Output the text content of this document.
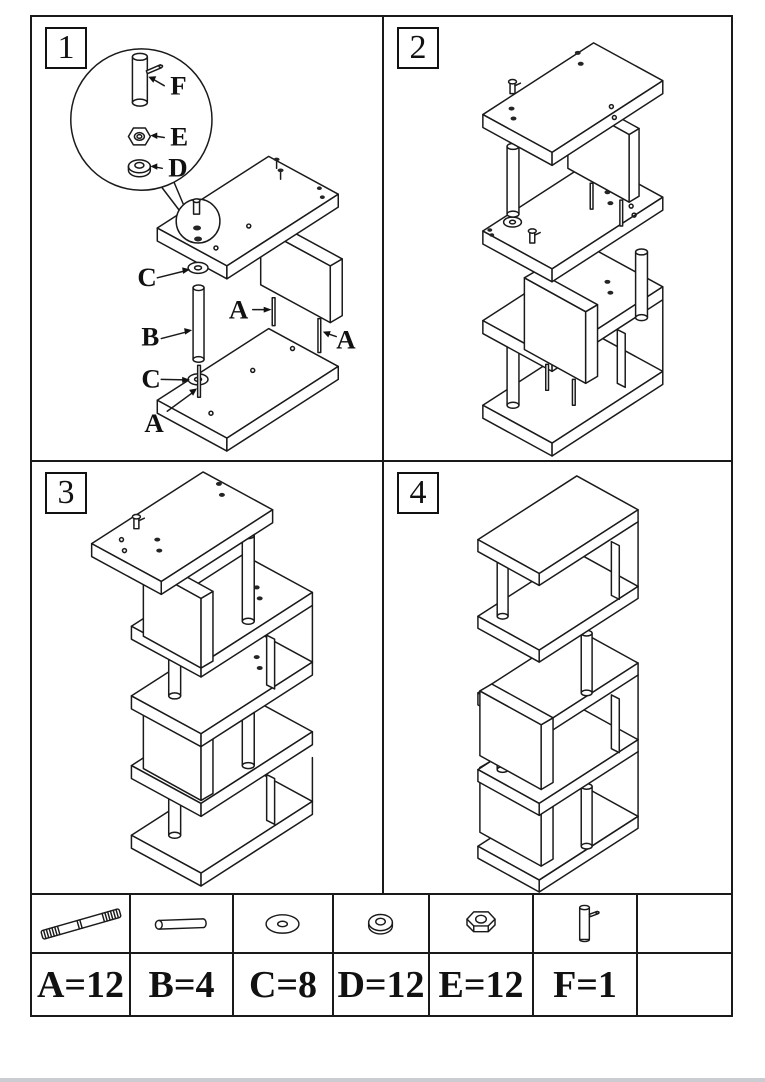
1
F
E
D
C
B
C
A
A
A
2
3	4
A=12 B=4 C=8 D=12 E=12 F=1
